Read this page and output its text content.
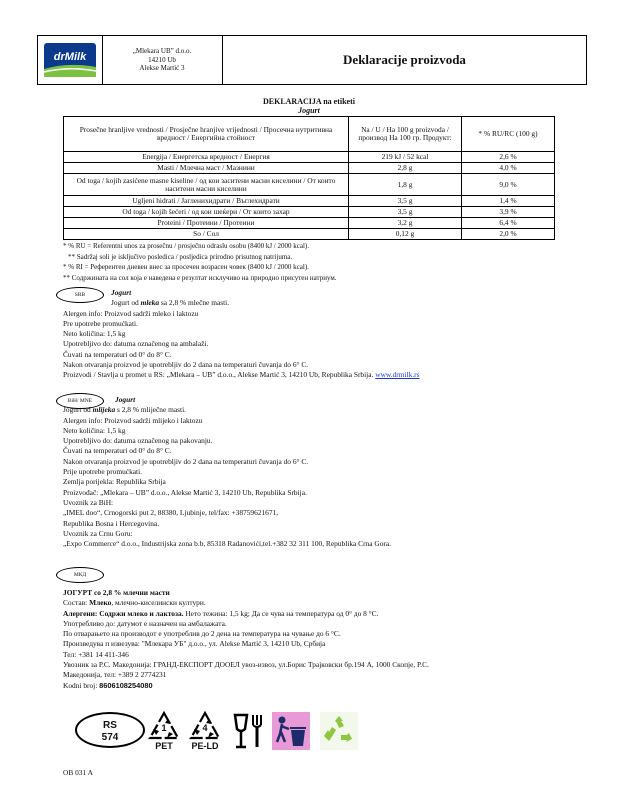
drMilk	„Mlekara UB” d.o.o.
14210 Ub
Alekse Martić 3
Deklaracije proizvoda
DEKLARACIJA na etiketi
Jogurt
Prosečne hranljive vrednosti / Prosječne hranjive vrijednosti / Просечна нутритивна вредност / Енергийна стойност	Na / U / На 100 g proizvoda / производ На 100 гр. Продукт:	* % RU/RC (100 g)
Energija / Енергетска вредност / Енергия	219 kJ / 52 kcal	2,6 %
Masti / Млечна маст / Мазнини	2,8 g	4,0 %
Od toga / kojih zasićene masne kiseline / од кои заситени масни киселини / От които наситени масни киселини	1,8 g	9,0 %
Ugljeni hidrati / Јагленихидрати / Въглехидрати	3,5 g	1,4 %
Od toga / kojih šećeri / од кои шеќери / От които захар	3,5 g	3,9 %
Proteini / Протеини / Протеини	3,2 g	6,4 %
So / Сол	0,12 g	2,0 %
* % RU = Referentni unos za prosečnu / prosječnu odraslu osobu (8400 kJ / 2000 kcal).
** Sadržaj soli je isključivo posledica / posljedica prirodno prisutnog natrijuma.
* % RI = Референтен дневен внес за просечен возрасен човек (8400 kJ / 2000 kcal).
** Содржината на сол која е наведена е резултат исклучиво на природно присутен натриум.
SRB	Jogurt
Jogurt od mleka sa 2,8 % mlečne masti.
Alergen info: Proizvod sadrži mleko i laktozu
Pre upotrebe promućkati.
Neto količina: 1,5 kg
Upotrebljivo do: datuma označenog na ambalaži.
Čuvati na temperaturi od 0° do 8° C.
Nakon otvaranja proizvod je upotrebljiv do 2 dana na temperaturi čuvanja do 6° C.
Proizvodi / Stavlja u promet u RS: „Mlekara – UB” d.o.o., Alekse Martić 3, 14210 Ub, Republika Srbija. www.drmilk.rs
BiH/ MNE	Jogurt
Jogurt od mlijeka s 2,8 % mliječne masti.
Alergen info: Proizvod sadrži mlijeko i laktozu
Neto količina: 1,5 kg
Upotrebljivo do: datuma označenog na pakovanju.
Čuvati na temperaturi od 0° do 8° C.
Nakon otvaranja proizvod je upotrebljiv do 2 dana na temperaturi čuvanja do 6° C.
Prije upotrebe promućkati.
Zemlja porijekla: Republika Srbija
Proizvođač: „Mlekara – UB” d.o.o., Alekse Martić 3, 14210 Ub, Republika Srbija.
Uvoznik za BiH:
„IMEL doo“, Crnogorski put 2, 88380, Ljubinje, tel/fax: +38759621671,
Republika Bosna i Hercegovina.
Uvoznik za Crnu Goru:
„Expo Commerce“ d.o.o., Industrijska zona b.b, 85318 Radanovići,tel.+382 32 311 100, Republika Crna Gora.
МКД
ЈОГУРТ со 2,8 % млечни масти
Состав: Млеко, млечно-киселински култури.
Алергени: Содржи млеко и лактоза. Нето тежина: 1,5 kg; Да се чува на температура од 0° до 8 °C.
Употребливо до: датумот е назначен на амбалажата.
По отварањето на производот е употреблив до 2 дена на температура на чување до 6 °C.
Произведува п извезува: "Млекара УБ" д.о.о., ул. Alekse Martić 3, 14210 Ub, Србија
Тел: +381 14 411-346
Увозник за Р.С. Македонија: ГРАНД-ЕКСПОРТ ДООЕЛ увоз-извоз, ул.Борис Трајковски бр.194 А, 1000 Скопје, Р.С.
Македонија, тел: +389 2 2774231
Kodni broj: 8606108254080
RS
574
1
PET
4
PE-LD
OB 031 A
